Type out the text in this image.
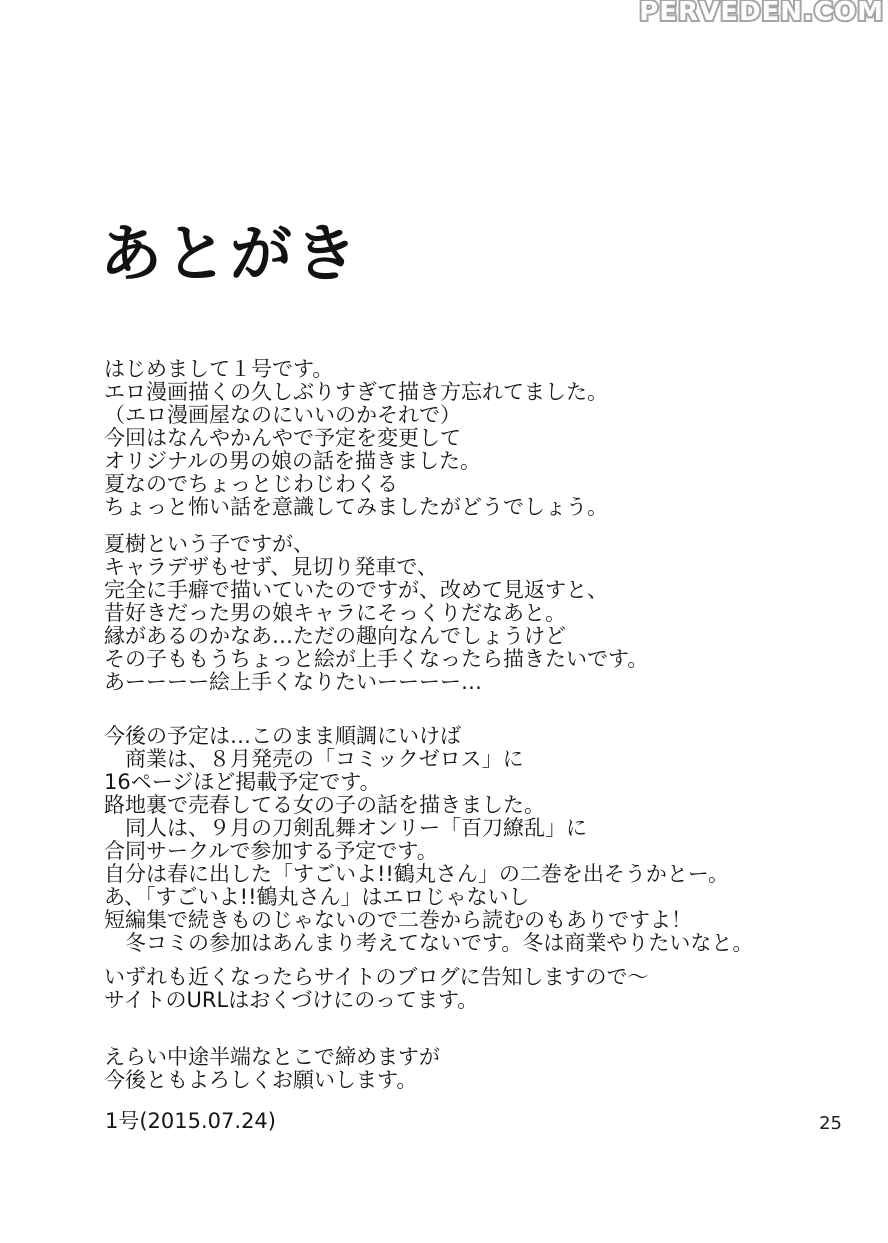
PERVEDEN.COM
あとがき
はじめまして１号です。
エロ漫画描くの久しぶりすぎて描き方忘れてました。
（エロ漫画屋なのにいいのかそれで）
今回はなんやかんやで予定を変更して
オリジナルの男の娘の話を描きました。
夏なのでちょっとじわじわくる
ちょっと怖い話を意識してみましたがどうでしょう。
夏樹という子ですが、
キャラデザもせず、見切り発車で、
完全に手癖で描いていたのですが、改めて見返すと、
昔好きだった男の娘キャラにそっくりだなあと。
縁があるのかなあ…ただの趣向なんでしょうけど
その子ももうちょっと絵が上手くなったら描きたいです。
あーーーー絵上手くなりたいーーーー…
今後の予定は…このまま順調にいけば
　商業は、８月発売の「コミックゼロス」に
16ページほど掲載予定です。
路地裏で売春してる女の子の話を描きました。
　同人は、９月の刀剣乱舞オンリー「百刀繚乱」に
合同サークルで参加する予定です。
自分は春に出した「すごいよ!!鶴丸さん」の二巻を出そうかとー。
あ、「すごいよ!!鶴丸さん」はエロじゃないし
短編集で続きものじゃないので二巻から読むのもありですよ！
　冬コミの参加はあんまり考えてないです。冬は商業やりたいなと。
いずれも近くなったらサイトのブログに告知しますので～
サイトのURLはおくづけにのってます。
えらい中途半端なとこで締めますが
今後ともよろしくお願いします。
1号(2015.07.24)	25
